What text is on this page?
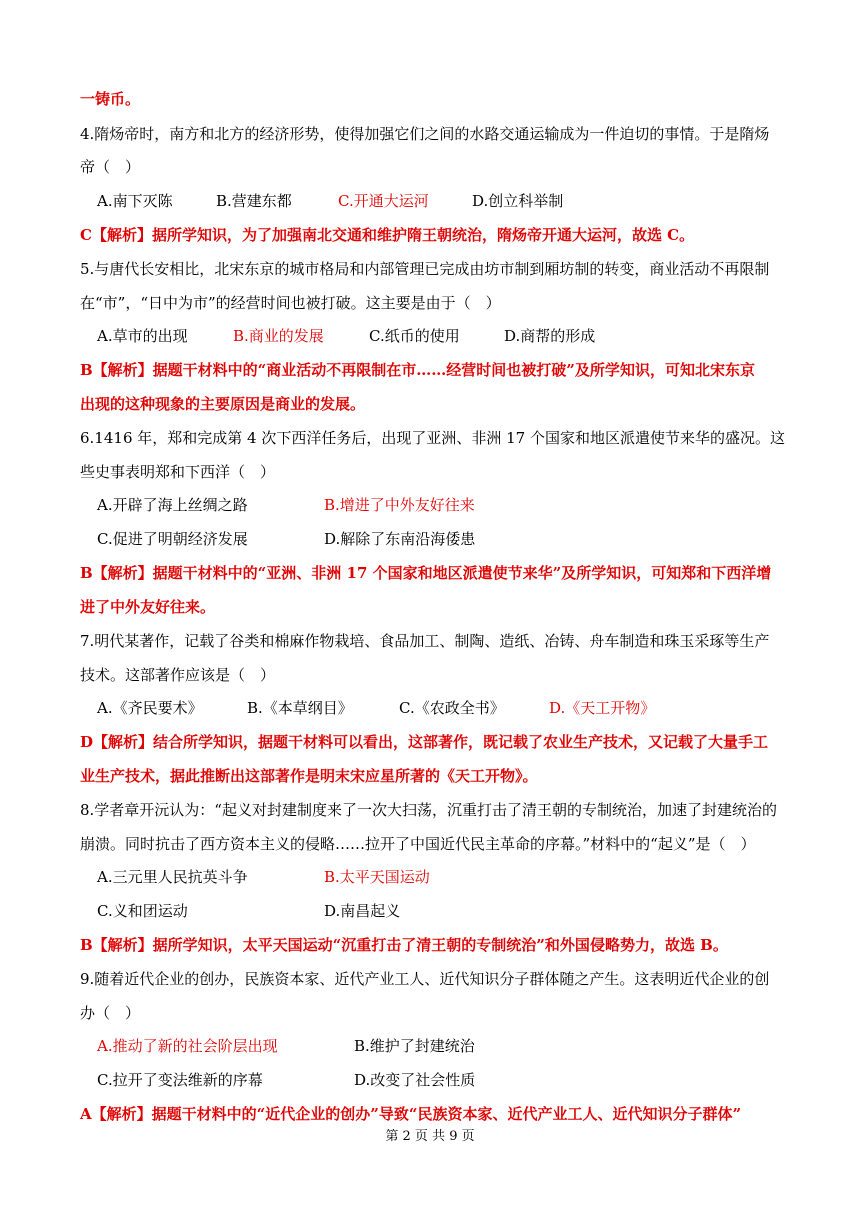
一铸币。
4.隋炀帝时，南方和北方的经济形势，使得加强它们之间的水路交通运输成为一件迫切的事情。于是隋炀
帝（　）
A.南下灭陈	B.营建东都	C.开通大运河	D.创立科举制
C【解析】据所学知识，为了加强南北交通和维护隋王朝统治，隋炀帝开通大运河，故选 C。
5.与唐代长安相比，北宋东京的城市格局和内部管理已完成由坊市制到厢坊制的转变，商业活动不再限制
在“市”，“日中为市”的经营时间也被打破。这主要是由于（　）
A.草市的出现	B.商业的发展	C.纸币的使用	D.商帮的形成
B【解析】据题干材料中的“商业活动不再限制在市……经营时间也被打破”及所学知识，可知北宋东京
出现的这种现象的主要原因是商业的发展。
6.1416 年，郑和完成第 4 次下西洋任务后，出现了亚洲、非洲 17 个国家和地区派遣使节来华的盛况。这
些史事表明郑和下西洋（　）
A.开辟了海上丝绸之路	B.增进了中外友好往来
C.促进了明朝经济发展	D.解除了东南沿海倭患
B【解析】据题干材料中的“亚洲、非洲 17 个国家和地区派遣使节来华”及所学知识，可知郑和下西洋增
进了中外友好往来。
7.明代某著作，记载了谷类和棉麻作物栽培、食品加工、制陶、造纸、冶铸、舟车制造和珠玉采琢等生产
技术。这部著作应该是（　）
A.《齐民要术》	B.《本草纲目》	C.《农政全书》	D.《天工开物》
D【解析】结合所学知识，据题干材料可以看出，这部著作，既记载了农业生产技术，又记载了大量手工
业生产技术，据此推断出这部著作是明末宋应星所著的《天工开物》。
8.学者章开沅认为：“起义对封建制度来了一次大扫荡，沉重打击了清王朝的专制统治，加速了封建统治的
崩溃。同时抗击了西方资本主义的侵略……拉开了中国近代民主革命的序幕。”材料中的“起义”是（　）
A.三元里人民抗英斗争	B.太平天国运动
C.义和团运动	D.南昌起义
B【解析】据所学知识，太平天国运动“沉重打击了清王朝的专制统治”和外国侵略势力，故选 B。
9.随着近代企业的创办，民族资本家、近代产业工人、近代知识分子群体随之产生。这表明近代企业的创
办（　）
A.推动了新的社会阶层出现	B.维护了封建统治
C.拉开了变法维新的序幕	D.改变了社会性质
A【解析】据题干材料中的“近代企业的创办”导致“民族资本家、近代产业工人、近代知识分子群体”
第 2 页 共 9 页
